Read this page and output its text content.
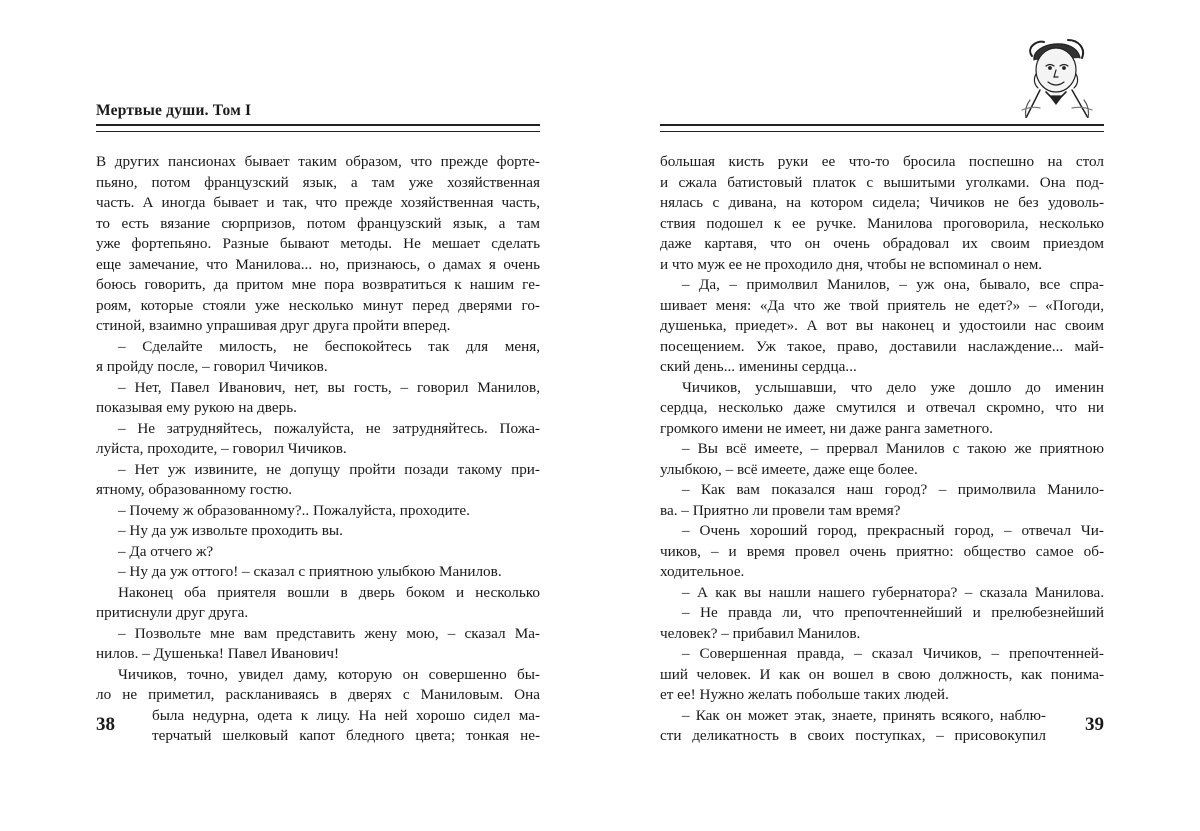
Мертвые души. Том I
В других пансионах бывает таким образом, что прежде форте-
пьяно, потом французский язык, а там уже хозяйственная
часть. А иногда бывает и так, что прежде хозяйственная часть,
то есть вязание сюрпризов, потом французский язык, а там
уже фортепьяно. Разные бывают методы. Не мешает сделать
еще замечание, что Манилова... но, признаюсь, о дамах я очень
боюсь говорить, да притом мне пора возвратиться к нашим ге-
роям, которые стояли уже несколько минут перед дверями го-
стиной, взаимно упрашивая друг друга пройти вперед.
– Сделайте милость, не беспокойтесь так для меня,
я пройду после, – говорил Чичиков.
– Нет, Павел Иванович, нет, вы гость, – говорил Манилов,
показывая ему рукою на дверь.
– Не затрудняйтесь, пожалуйста, не затрудняйтесь. Пожа-
луйста, проходите, – говорил Чичиков.
– Нет уж извините, не допущу пройти позади такому при-
ятному, образованному гостю.
– Почему ж образованному?.. Пожалуйста, проходите.
– Ну да уж извольте проходить вы.
– Да отчего ж?
– Ну да уж оттого! – сказал с приятною улыбкою Манилов.
Наконец оба приятеля вошли в дверь боком и несколько
притиснули друг друга.
– Позвольте мне вам представить жену мою, – сказал Ма-
нилов. – Душенька! Павел Иванович!
Чичиков, точно, увидел даму, которую он совершенно бы-
ло не приметил, раскланиваясь в дверях с Маниловым. Она
была недурна, одета к лицу. На ней хорошо сидел ма-
терчатый шелковый капот бледного цвета; тонкая не-
большая кисть руки ее что-то бросила поспешно на стол
и сжала батистовый платок с вышитыми уголками. Она под-
нялась с дивана, на котором сидела; Чичиков не без удоволь-
ствия подошел к ее ручке. Манилова проговорила, несколько
даже картавя, что он очень обрадовал их своим приездом
и что муж ее не проходило дня, чтобы не вспоминал о нем.
– Да, – примолвил Манилов, – уж она, бывало, все спра-
шивает меня: «Да что же твой приятель не едет?» – «Погоди,
душенька, приедет». А вот вы наконец и удостоили нас своим
посещением. Уж такое, право, доставили наслаждение... май-
ский день... именины сердца...
Чичиков, услышавши, что дело уже дошло до именин
сердца, несколько даже смутился и отвечал скромно, что ни
громкого имени не имеет, ни даже ранга заметного.
– Вы всё имеете, – прервал Манилов с такою же приятною
улыбкою, – всё имеете, даже еще более.
– Как вам показался наш город? – примолвила Манило-
ва. – Приятно ли провели там время?
– Очень хороший город, прекрасный город, – отвечал Чи-
чиков, – и время провел очень приятно: общество самое об-
ходительное.
– А как вы нашли нашего губернатора? – сказала Манилова.
– Не правда ли, что препочтеннейший и прелюбезнейший
человек? – прибавил Манилов.
– Совершенная правда, – сказал Чичиков, – препочтенней-
ший человек. И как он вошел в свою должность, как понима-
ет ее! Нужно желать побольше таких людей.
– Как он может этак, знаете, принять всякого, наблю-
сти деликатность в своих поступках, – присовокупил
38	39
